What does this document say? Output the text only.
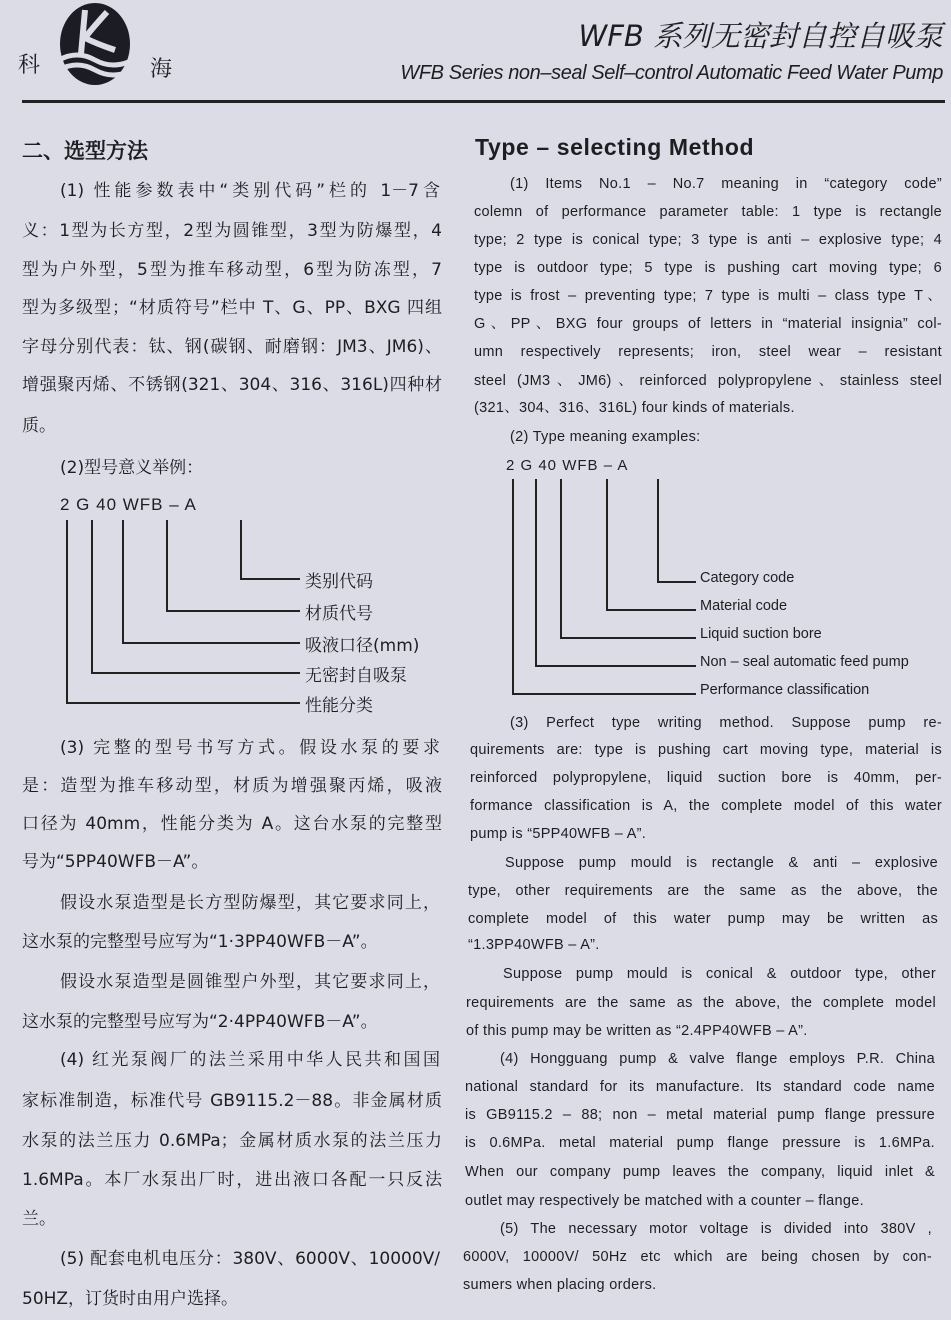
科	海
WFB 系列无密封自控自吸泵
WFB Series non–seal Self–control Automatic Feed Water Pump
二、选型方法	Type – selecting Method
(1) 性能参数表中“类别代码”栏的 1－7含
义：1型为长方型，2型为圆锥型，3型为防爆型，4
型为户外型，5型为推车移动型，6型为防冻型，7
型为多级型；“材质符号”栏中 T、G、PP、BXG 四组
字母分别代表：钛、钢(碳钢、耐磨钢：JM3、JM6)、
增强聚丙烯、不锈钢(321、304、316、316L)四种材
质。
(2)型号意义举例：
(3) 完整的型号书写方式。假设水泵的要求
是：造型为推车移动型，材质为增强聚丙烯，吸液
口径为 40mm，性能分类为 A。这台水泵的完整型
号为“5PP40WFB－A”。
假设水泵造型是长方型防爆型，其它要求同上，
这水泵的完整型号应写为“1·3PP40WFB－A”。
假设水泵造型是圆锥型户外型，其它要求同上，
这水泵的完整型号应写为“2·4PP40WFB－A”。
(4) 红光泵阀厂的法兰采用中华人民共和国国
家标准制造，标准代号 GB9115.2－88。非金属材质
水泵的法兰压力 0.6MPa；金属材质水泵的法兰压力
1.6MPa。本厂水泵出厂时，进出液口各配一只反法
兰。
(5) 配套电机电压分：380V、6000V、10000V/
50HZ，订货时由用户选择。
(1) Items No.1 – No.7 meaning in “category code”
colemn of performance parameter table: 1 type is rectangle
type; 2 type is conical type; 3 type is anti – explosive type; 4
type is outdoor type; 5 type is pushing cart moving type; 6
type is frost – preventing type; 7 type is multi – class type T、
G、PP、BXG four groups of letters in “material insignia” col-
umn respectively represents; iron, steel wear – resistant
steel (JM3、JM6)、reinforced polypropylene、stainless steel
(321、304、316、316L) four kinds of materials.
(2) Type meaning examples:
(3) Perfect type writing method. Suppose pump re-
quirements are: type is pushing cart moving type, material is
reinforced polypropylene, liquid suction bore is 40mm, per-
formance classification is A, the complete model of this water
pump is “5PP40WFB – A”.
Suppose pump mould is rectangle & anti – explosive
type, other requirements are the same as the above, the
complete model of this water pump may be written as
“1.3PP40WFB – A”.
Suppose pump mould is conical & outdoor type, other
requirements are the same as the above, the complete model
of this pump may be written as “2.4PP40WFB – A”.
(4) Hongguang pump & valve flange employs P.R. China
national standard for its manufacture. Its standard code name
is GB9115.2 – 88; non – metal material pump flange pressure
is 0.6MPa. metal material pump flange pressure is 1.6MPa.
When our company pump leaves the company, liquid inlet &
outlet may respectively be matched with a counter – flange.
(5) The necessary motor voltage is divided into 380V ,
6000V, 10000V/ 50Hz etc which are being chosen by con-
sumers when placing orders.
2 G 40 WFB – A
类别代码
材质代号
吸液口径(mm)
无密封自吸泵
性能分类
2 G 40 WFB – A
Category code
Material code
Liquid suction bore
Non – seal automatic feed pump
Performance classification
